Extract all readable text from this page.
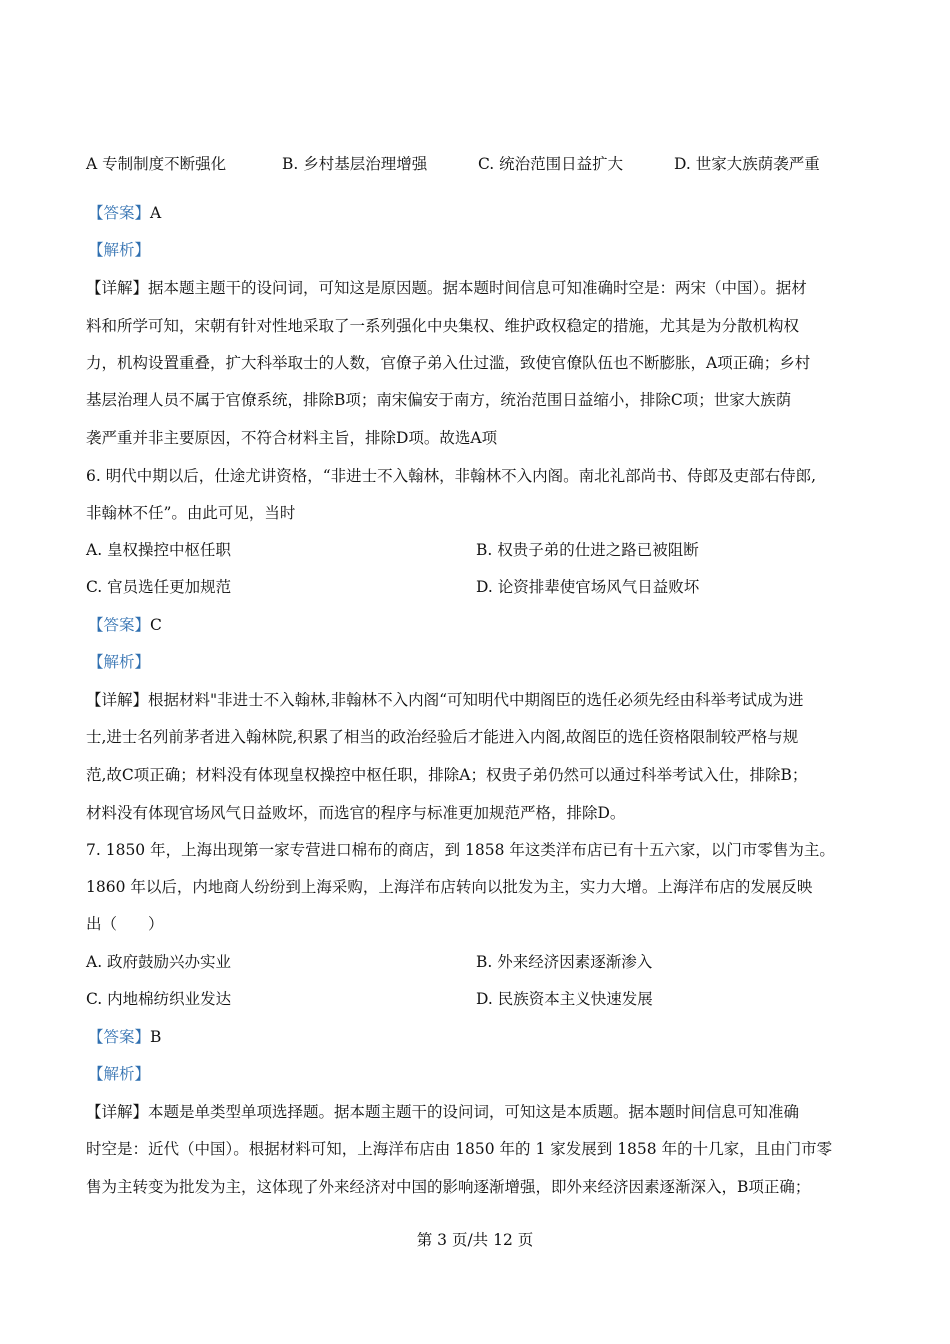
A 专制制度不断强化	B. 乡村基层治理增强	C. 统治范围日益扩大	D. 世家大族荫袭严重
【答案】A
【解析】
【详解】据本题主题干的设问词，可知这是原因题。据本题时间信息可知准确时空是：两宋（中国）。据材
料和所学可知，宋朝有针对性地采取了一系列强化中央集权、维护政权稳定的措施，尤其是为分散机构权
力，机构设置重叠，扩大科举取士的人数，官僚子弟入仕过滥，致使官僚队伍也不断膨胀，A项正确；乡村
基层治理人员不属于官僚系统，排除B项；南宋偏安于南方，统治范围日益缩小，排除C项；世家大族荫
袭严重并非主要原因，不符合材料主旨，排除D项。故选A项
6. 明代中期以后，仕途尤讲资格，“非进士不入翰林，非翰林不入内阁。南北礼部尚书、侍郎及吏部右侍郎,
非翰林不任”。由此可见，当时
A. 皇权操控中枢任职	B. 权贵子弟的仕进之路已被阻断
C. 官员选任更加规范	D. 论资排辈使官场风气日益败坏
【答案】C
【解析】
【详解】根据材料"非进士不入翰林,非翰林不入内阁“可知明代中期阁臣的选任必须先经由科举考试成为进
士,进士名列前茅者进入翰林院,积累了相当的政治经验后才能进入内阁,故阁臣的选任资格限制较严格与规
范,故C项正确；材料没有体现皇权操控中枢任职，排除A；权贵子弟仍然可以通过科举考试入仕，排除B；
材料没有体现官场风气日益败坏，而选官的程序与标准更加规范严格，排除D。
7. 1850 年，上海出现第一家专营进口棉布的商店，到 1858 年这类洋布店已有十五六家，以门市零售为主。
1860 年以后，内地商人纷纷到上海采购，上海洋布店转向以批发为主，实力大增。上海洋布店的发展反映
出（　　）
A. 政府鼓励兴办实业	B. 外来经济因素逐渐渗入
C. 内地棉纺织业发达	D. 民族资本主义快速发展
【答案】B
【解析】
【详解】本题是单类型单项选择题。据本题主题干的设问词，可知这是本质题。据本题时间信息可知准确
时空是：近代（中国）。根据材料可知，上海洋布店由 1850 年的 1 家发展到 1858 年的十几家，且由门市零
售为主转变为批发为主，这体现了外来经济对中国的影响逐渐增强，即外来经济因素逐渐深入，B项正确；
第 3 页/共 12 页
